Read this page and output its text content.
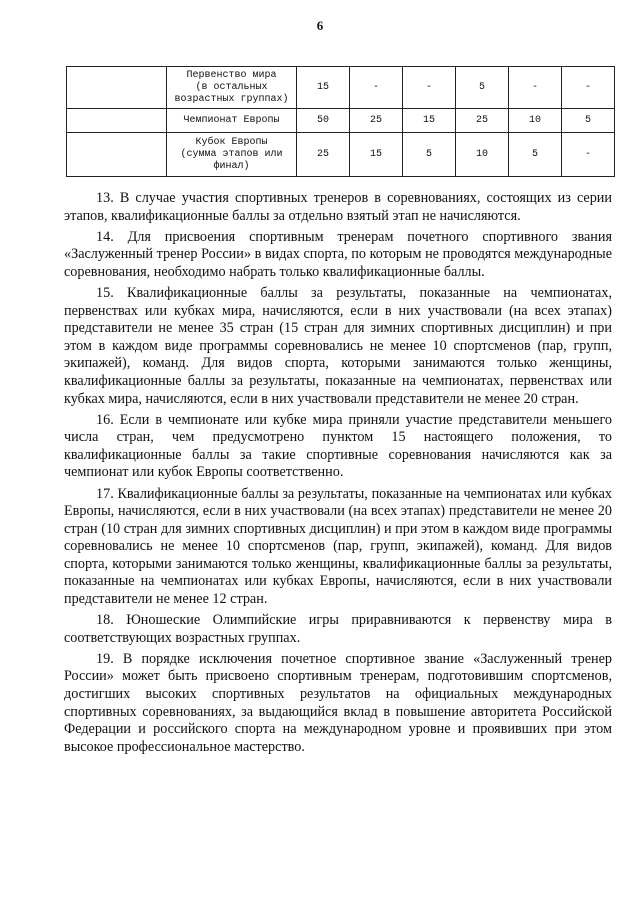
6
	Первенство мира
(в остальных
возрастных группах)	15	-	-	5	-	-
	Чемпионат Европы	50	25	15	25	10	5
	Кубок Европы
(сумма этапов или
финал)	25	15	5	10	5	-

13. В случае участия спортивных тренеров в соревнованиях, состоящих из серии этапов, квалификационные баллы за отдельно взятый этап не начисляются.

14. Для присвоения спортивным тренерам почетного спортивного звания «Заслуженный тренер России» в видах спорта, по которым не проводятся международные соревнования, необходимо набрать только квалификационные баллы.

15. Квалификационные баллы за результаты, показанные на чемпионатах, первенствах или кубках мира, начисляются, если в них участвовали (на всех этапах) представители не менее 35 стран (15 стран для зимних спортивных дисциплин) и при этом в каждом виде программы соревновались не менее 10 спортсменов (пар, групп, экипажей), команд. Для видов спорта, которыми занимаются только женщины, квалификационные баллы за результаты, показанные на чемпионатах, первенствах или кубках мира, начисляются, если в них участвовали представители не менее 20 стран.

16. Если в чемпионате или кубке мира приняли участие представители меньшего числа стран, чем предусмотрено пунктом 15 настоящего положения, то квалификационные баллы за такие спортивные соревнования начисляются как за чемпионат или кубок Европы соответственно.

17. Квалификационные баллы за результаты, показанные на чемпионатах или кубках Европы, начисляются, если в них участвовали (на всех этапах) представители не менее 20 стран (10 стран для зимних спортивных дисциплин) и при этом в каждом виде программы соревновались не менее 10 спортсменов (пар, групп, экипажей), команд. Для видов спорта, которыми занимаются только женщины, квалификационные баллы за результаты, показанные на чемпионатах или кубках Европы, начисляются, если в них участвовали представители не менее 12 стран.

18. Юношеские Олимпийские игры приравниваются к первенству мира в соответствующих возрастных группах.

19. В порядке исключения почетное спортивное звание «Заслуженный тренер России» может быть присвоено спортивным тренерам, подготовившим спортсменов, достигших высоких спортивных результатов на официальных международных спортивных соревнованиях, за выдающийся вклад в повышение авторитета Российской Федерации и российского спорта на международном уровне и проявивших при этом высокое профессиональное мастерство.
